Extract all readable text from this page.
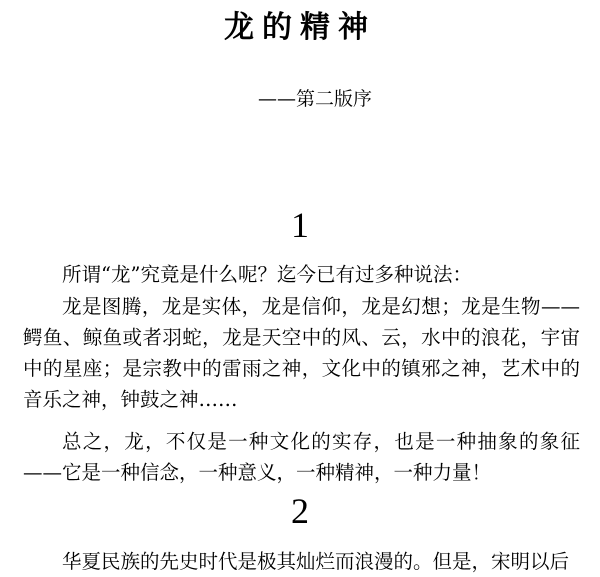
龙的精神
——第二版序
1

所谓“龙”究竟是什么呢？迄今已有过多种说法：

龙是图腾，龙是实体，龙是信仰，龙是幻想；龙是生物——鳄鱼、鲸鱼或者羽蛇，龙是天空中的风、云，水中的浪花，宇宙中的星座；是宗教中的雷雨之神，文化中的镇邪之神，艺术中的音乐之神，钟鼓之神……

总之，龙，不仅是一种文化的实存，也是一种抽象的象征——它是一种信念，一种意义，一种精神，一种力量！

2

华夏民族的先史时代是极其灿烂而浪漫的。但是，宋明以后
